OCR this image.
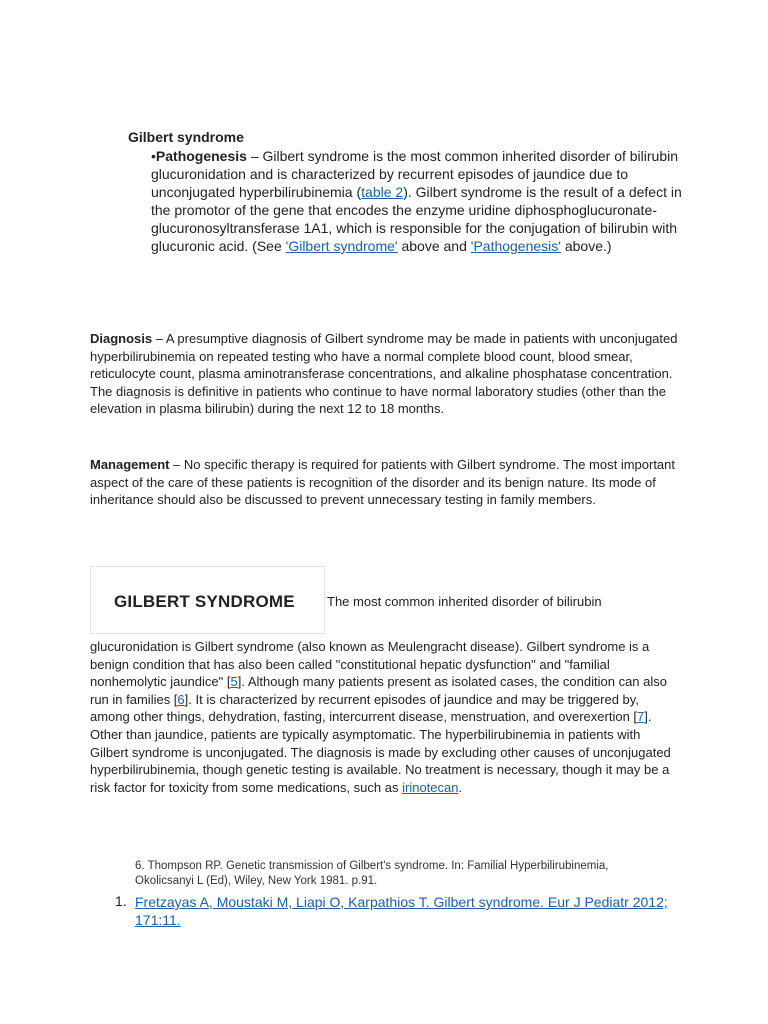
Gilbert syndrome
•Pathogenesis – Gilbert syndrome is the most common inherited disorder of bilirubin glucuronidation and is characterized by recurrent episodes of jaundice due to unconjugated hyperbilirubinemia (table 2). Gilbert syndrome is the result of a defect in the promotor of the gene that encodes the enzyme uridine diphosphoglucuronate-glucuronosyltransferase 1A1, which is responsible for the conjugation of bilirubin with glucuronic acid. (See 'Gilbert syndrome' above and 'Pathogenesis' above.)
Diagnosis – A presumptive diagnosis of Gilbert syndrome may be made in patients with unconjugated hyperbilirubinemia on repeated testing who have a normal complete blood count, blood smear, reticulocyte count, plasma aminotransferase concentrations, and alkaline phosphatase concentration. The diagnosis is definitive in patients who continue to have normal laboratory studies (other than the elevation in plasma bilirubin) during the next 12 to 18 months.
Management – No specific therapy is required for patients with Gilbert syndrome. The most important aspect of the care of these patients is recognition of the disorder and its benign nature. Its mode of inheritance should also be discussed to prevent unnecessary testing in family members.
GILBERT SYNDROME The most common inherited disorder of bilirubin
glucuronidation is Gilbert syndrome (also known as Meulengracht disease). Gilbert syndrome is a benign condition that has also been called "constitutional hepatic dysfunction" and "familial nonhemolytic jaundice" [5]. Although many patients present as isolated cases, the condition can also run in families [6]. It is characterized by recurrent episodes of jaundice and may be triggered by, among other things, dehydration, fasting, intercurrent disease, menstruation, and overexertion [7]. Other than jaundice, patients are typically asymptomatic. The hyperbilirubinemia in patients with Gilbert syndrome is unconjugated. The diagnosis is made by excluding other causes of unconjugated hyperbilirubinemia, though genetic testing is available. No treatment is necessary, though it may be a risk factor for toxicity from some medications, such as irinotecan.
6. Thompson RP. Genetic transmission of Gilbert's syndrome. In: Familial Hyperbilirubinemia, Okolicsanyi L (Ed), Wiley, New York 1981. p.91.
1. Fretzayas A, Moustaki M, Liapi O, Karpathios T. Gilbert syndrome. Eur J Pediatr 2012; 171:11.
